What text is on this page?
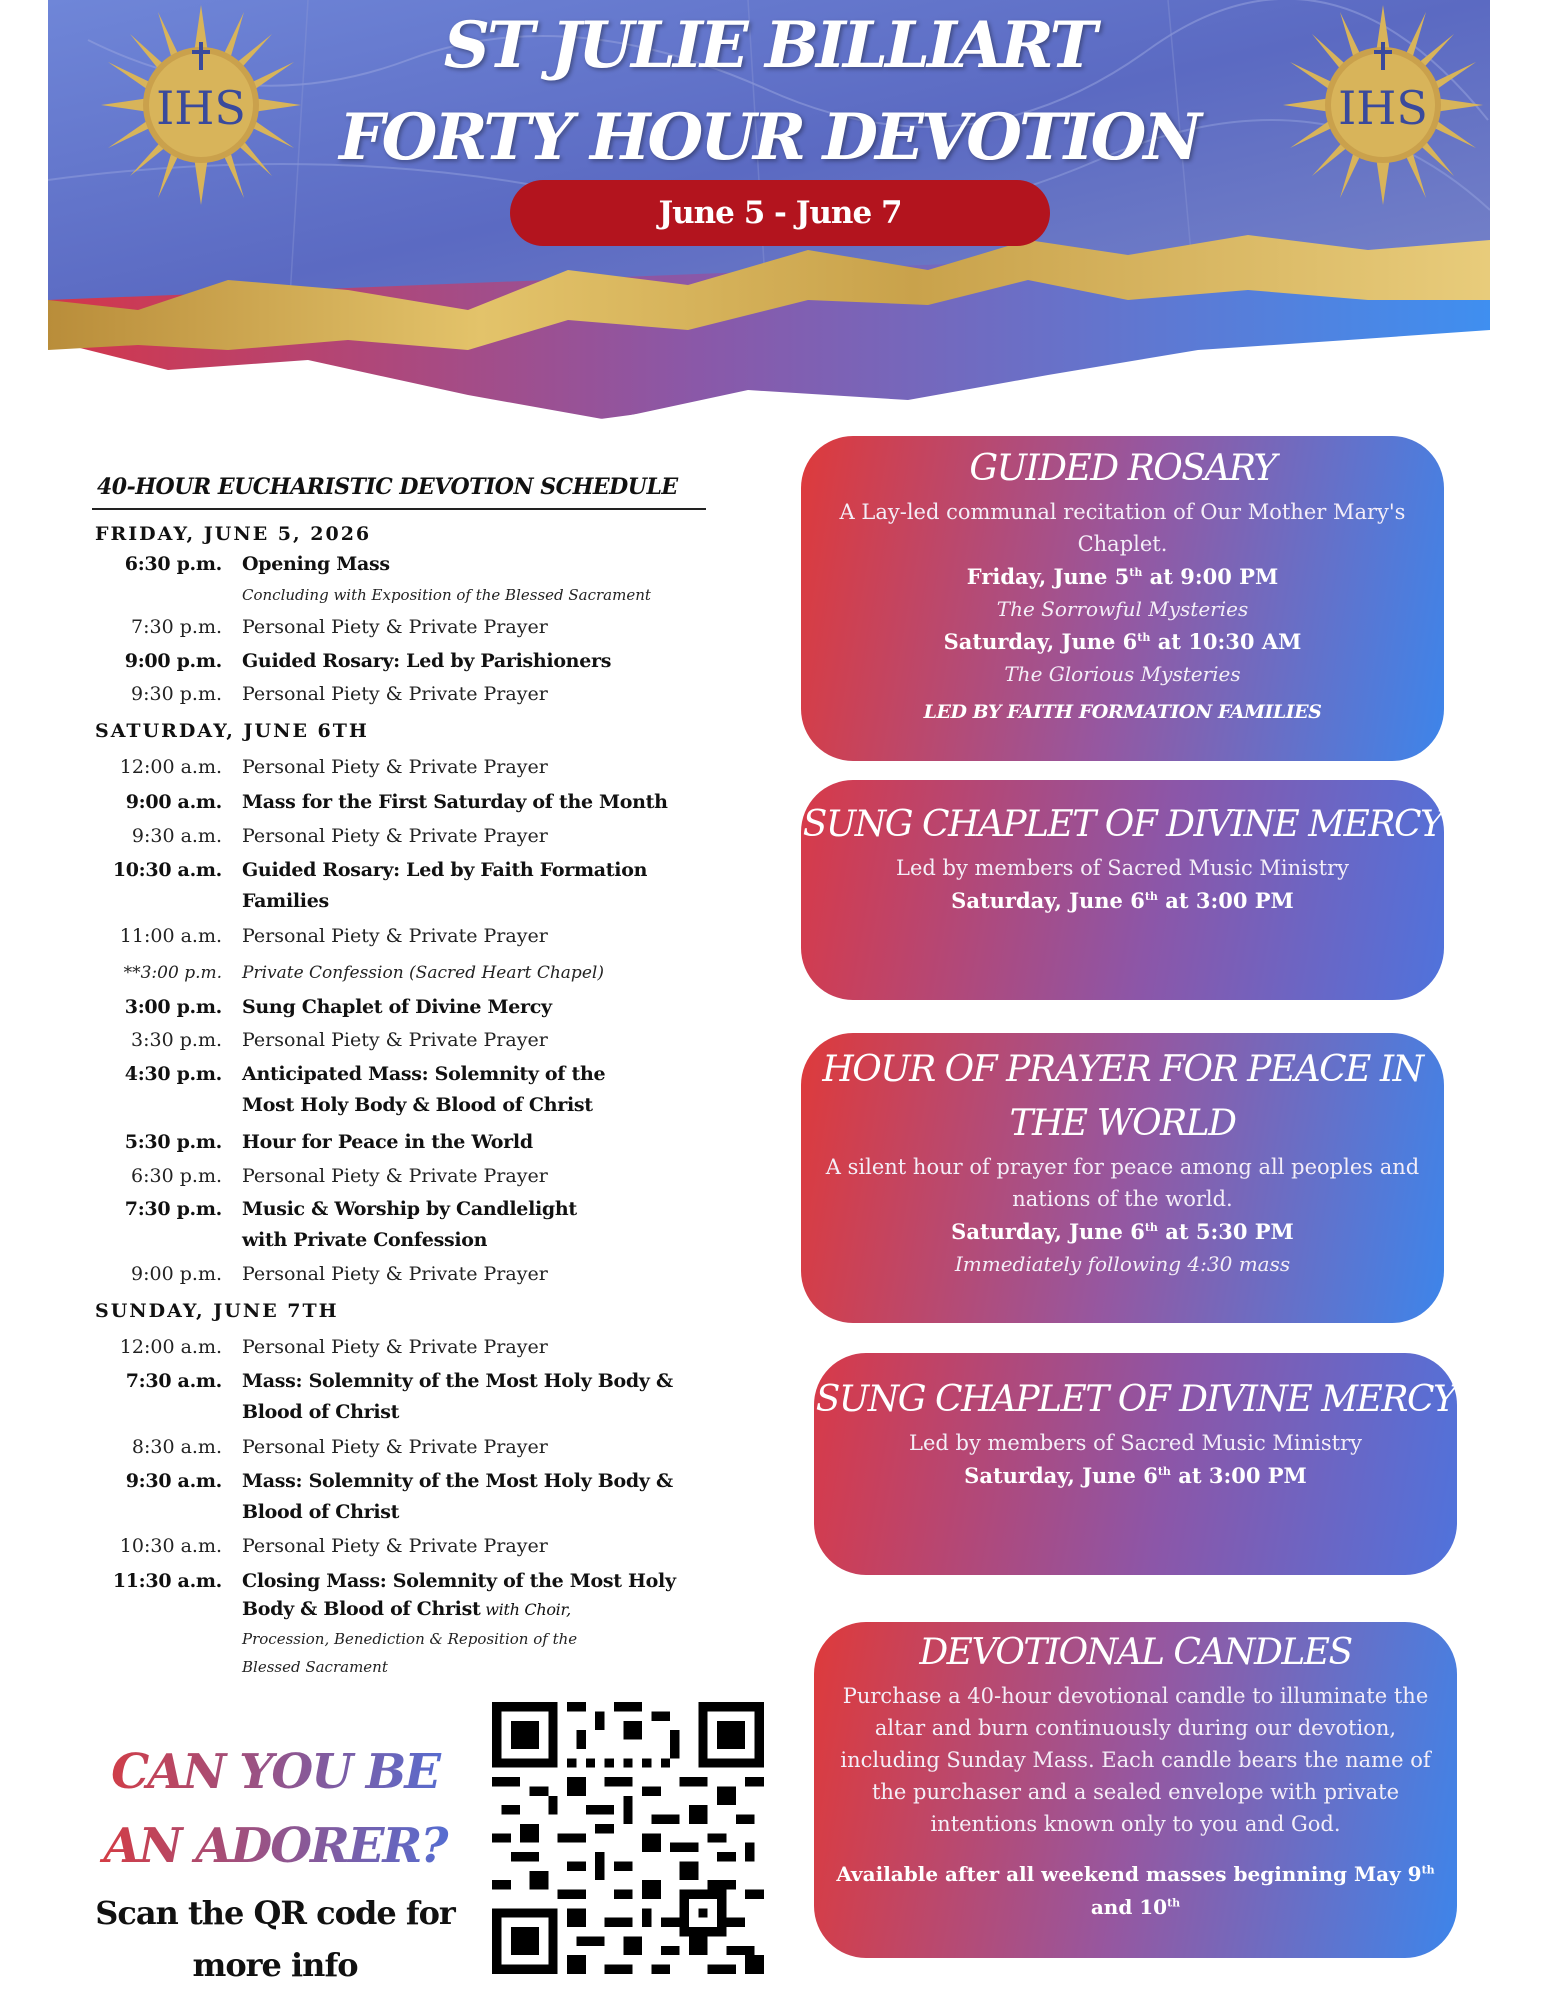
IHS	IHS
ST JULIE BILLIART
FORTY HOUR DEVOTION
June 5 - June 7
40-HOUR EUCHARISTIC DEVOTION SCHEDULE
FRIDAY, JUNE 5, 2026
6:30 p.m. Opening Mass
Concluding with Exposition of the Blessed Sacrament
7:30 p.m. Personal Piety & Private Prayer
9:00 p.m. Guided Rosary: Led by Parishioners
9:30 p.m. Personal Piety & Private Prayer
SATURDAY, JUNE 6TH
12:00 a.m. Personal Piety & Private Prayer
9:00 a.m. Mass for the First Saturday of the Month
9:30 a.m. Personal Piety & Private Prayer
10:30 a.m. Guided Rosary: Led by Faith Formation
Families
11:00 a.m. Personal Piety & Private Prayer
**3:00 p.m. Private Confession (Sacred Heart Chapel)
3:00 p.m. Sung Chaplet of Divine Mercy
3:30 p.m. Personal Piety & Private Prayer
4:30 p.m. Anticipated Mass: Solemnity of the
Most Holy Body & Blood of Christ
5:30 p.m. Hour for Peace in the World
6:30 p.m. Personal Piety & Private Prayer
7:30 p.m. Music & Worship by Candlelight
with Private Confession
9:00 p.m. Personal Piety & Private Prayer
SUNDAY, JUNE 7TH
12:00 a.m. Personal Piety & Private Prayer
7:30 a.m. Mass: Solemnity of the Most Holy Body &
Blood of Christ
8:30 a.m. Personal Piety & Private Prayer
9:30 a.m. Mass: Solemnity of the Most Holy Body &
Blood of Christ
10:30 a.m. Personal Piety & Private Prayer
11:30 a.m. Closing Mass: Solemnity of the Most Holy
Body & Blood of Christ with Choir,
Procession, Benediction & Reposition of the
Blessed Sacrament
CAN YOU BE
AN ADORER?
Scan the QR code for
more info
GUIDED ROSARY
A Lay-led communal recitation of Our Mother Mary's Chaplet.
Friday, June 5th at 9:00 PM
The Sorrowful Mysteries
Saturday, June 6th at 10:30 AM
The Glorious Mysteries
LED BY FAITH FORMATION FAMILIES
SUNG CHAPLET OF DIVINE MERCY
Led by members of Sacred Music Ministry
Saturday, June 6th at 3:00 PM
HOUR OF PRAYER FOR PEACE IN THE WORLD
A silent hour of prayer for peace among all peoples and nations of the world.
Saturday, June 6th at 5:30 PM
Immediately following 4:30 mass
SUNG CHAPLET OF DIVINE MERCY
Led by members of Sacred Music Ministry
Saturday, June 6th at 3:00 PM
DEVOTIONAL CANDLES
Purchase a 40-hour devotional candle to illuminate the altar and burn continuously during our devotion, including Sunday Mass. Each candle bears the name of the purchaser and a sealed envelope with private intentions known only to you and God.
Available after all weekend masses beginning May 9th
and 10th
